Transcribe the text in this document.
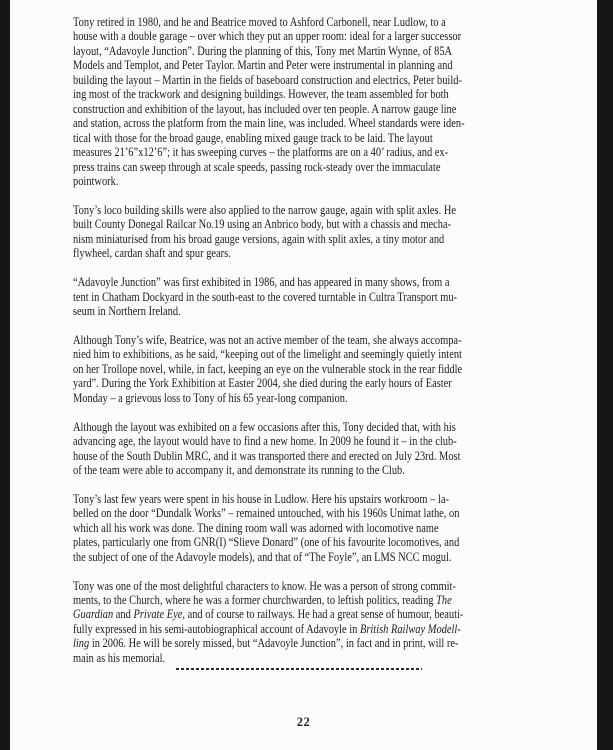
Tony retired in 1980, and he and Beatrice moved to Ashford Carbonell, near Ludlow, to a
house with a double garage – over which they put an upper room: ideal for a larger successor
layout, “Adavoyle Junction”. During the planning of this, Tony met Martin Wynne, of 85A
Models and Templot, and Peter Taylor. Martin and Peter were instrumental in planning and
building the layout – Martin in the fields of baseboard construction and electrics, Peter build-
ing most of the trackwork and designing buildings. However, the team assembled for both
construction and exhibition of the layout, has included over ten people. A narrow gauge line
and station, across the platform from the main line, was included. Wheel standards were iden-
tical with those for the broad gauge, enabling mixed gauge track to be laid. The layout
measures 21’6”x12’6”; it has sweeping curves – the platforms are on a 40’ radius, and ex-
press trains can sweep through at scale speeds, passing rock-steady over the immaculate
pointwork.

Tony’s loco building skills were also applied to the narrow gauge, again with split axles. He
built County Donegal Railcar No.19 using an Anbrico body, but with a chassis and mecha-
nism miniaturised from his broad gauge versions, again with split axles, a tiny motor and
flywheel, cardan shaft and spur gears.

“Adavoyle Junction” was first exhibited in 1986, and has appeared in many shows, from a
tent in Chatham Dockyard in the south-east to the covered turntable in Cultra Transport mu-
seum in Northern Ireland.

Although Tony’s wife, Beatrice, was not an active member of the team, she always accompa-
nied him to exhibitions, as he said, “keeping out of the limelight and seemingly quietly intent
on her Trollope novel, while, in fact, keeping an eye on the vulnerable stock in the rear fiddle
yard”. During the York Exhibition at Easter 2004, she died during the early hours of Easter
Monday – a grievous loss to Tony of his 65 year-long companion.

Although the layout was exhibited on a few occasions after this, Tony decided that, with his
advancing age, the layout would have to find a new home. In 2009 he found it – in the club-
house of the South Dublin MRC, and it was transported there and erected on July 23rd. Most
of the team were able to accompany it, and demonstrate its running to the Club.

Tony’s last few years were spent in his house in Ludlow. Here his upstairs workroom – la-
belled on the door “Dundalk Works” – remained untouched, with his 1960s Unimat lathe, on
which all his work was done. The dining room wall was adorned with locomotive name
plates, particularly one from GNR(I) “Slieve Donard” (one of his favourite locomotives, and
the subject of one of the Adavoyle models), and that of “The Foyle”, an LMS NCC mogul.

Tony was one of the most delightful characters to know. He was a person of strong commit-
ments, to the Church, where he was a former churchwarden, to leftish politics, reading The
Guardian and Private Eye, and of course to railways. He had a great sense of humour, beauti-
fully expressed in his semi-autobiographical account of Adavoyle in British Railway Modell-
ling in 2006. He will be sorely missed, but “Adavoyle Junction”, in fact and in print, will re-
main as his memorial.

22
